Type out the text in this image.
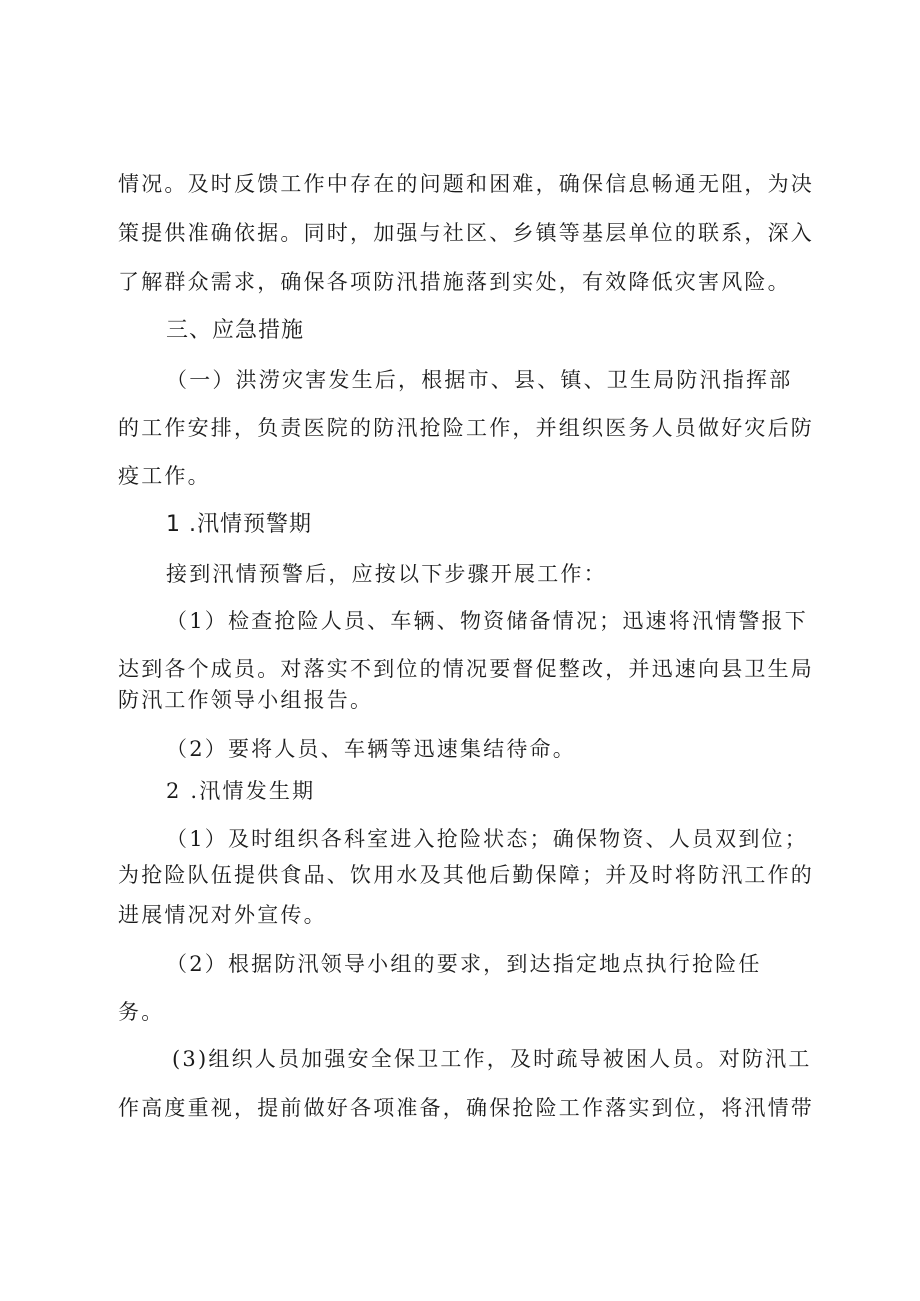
情况。及时反馈工作中存在的问题和困难，确保信息畅通无阻，为决
策提供准确依据。同时，加强与社区、乡镇等基层单位的联系，深入
了解群众需求，确保各项防汛措施落到实处，有效降低灾害风险。
三、应急措施
（一）洪涝灾害发生后，根据市、县、镇、卫生局防汛指挥部
的工作安排，负责医院的防汛抢险工作，并组织医务人员做好灾后防
疫工作。
1 .汛情预警期
接到汛情预警后，应按以下步骤开展工作：
（1）检查抢险人员、车辆、物资储备情况；迅速将汛情警报下
达到各个成员。对落实不到位的情况要督促整改，并迅速向县卫生局
防汛工作领导小组报告。
（2）要将人员、车辆等迅速集结待命。
2 .汛情发生期
（1）及时组织各科室进入抢险状态；确保物资、人员双到位；
为抢险队伍提供食品、饮用水及其他后勤保障；并及时将防汛工作的
进展情况对外宣传。
（2）根据防汛领导小组的要求，到达指定地点执行抢险任
务。
(3)组织人员加强安全保卫工作，及时疏导被困人员。对防汛工
作高度重视，提前做好各项准备，确保抢险工作落实到位，将汛情带
